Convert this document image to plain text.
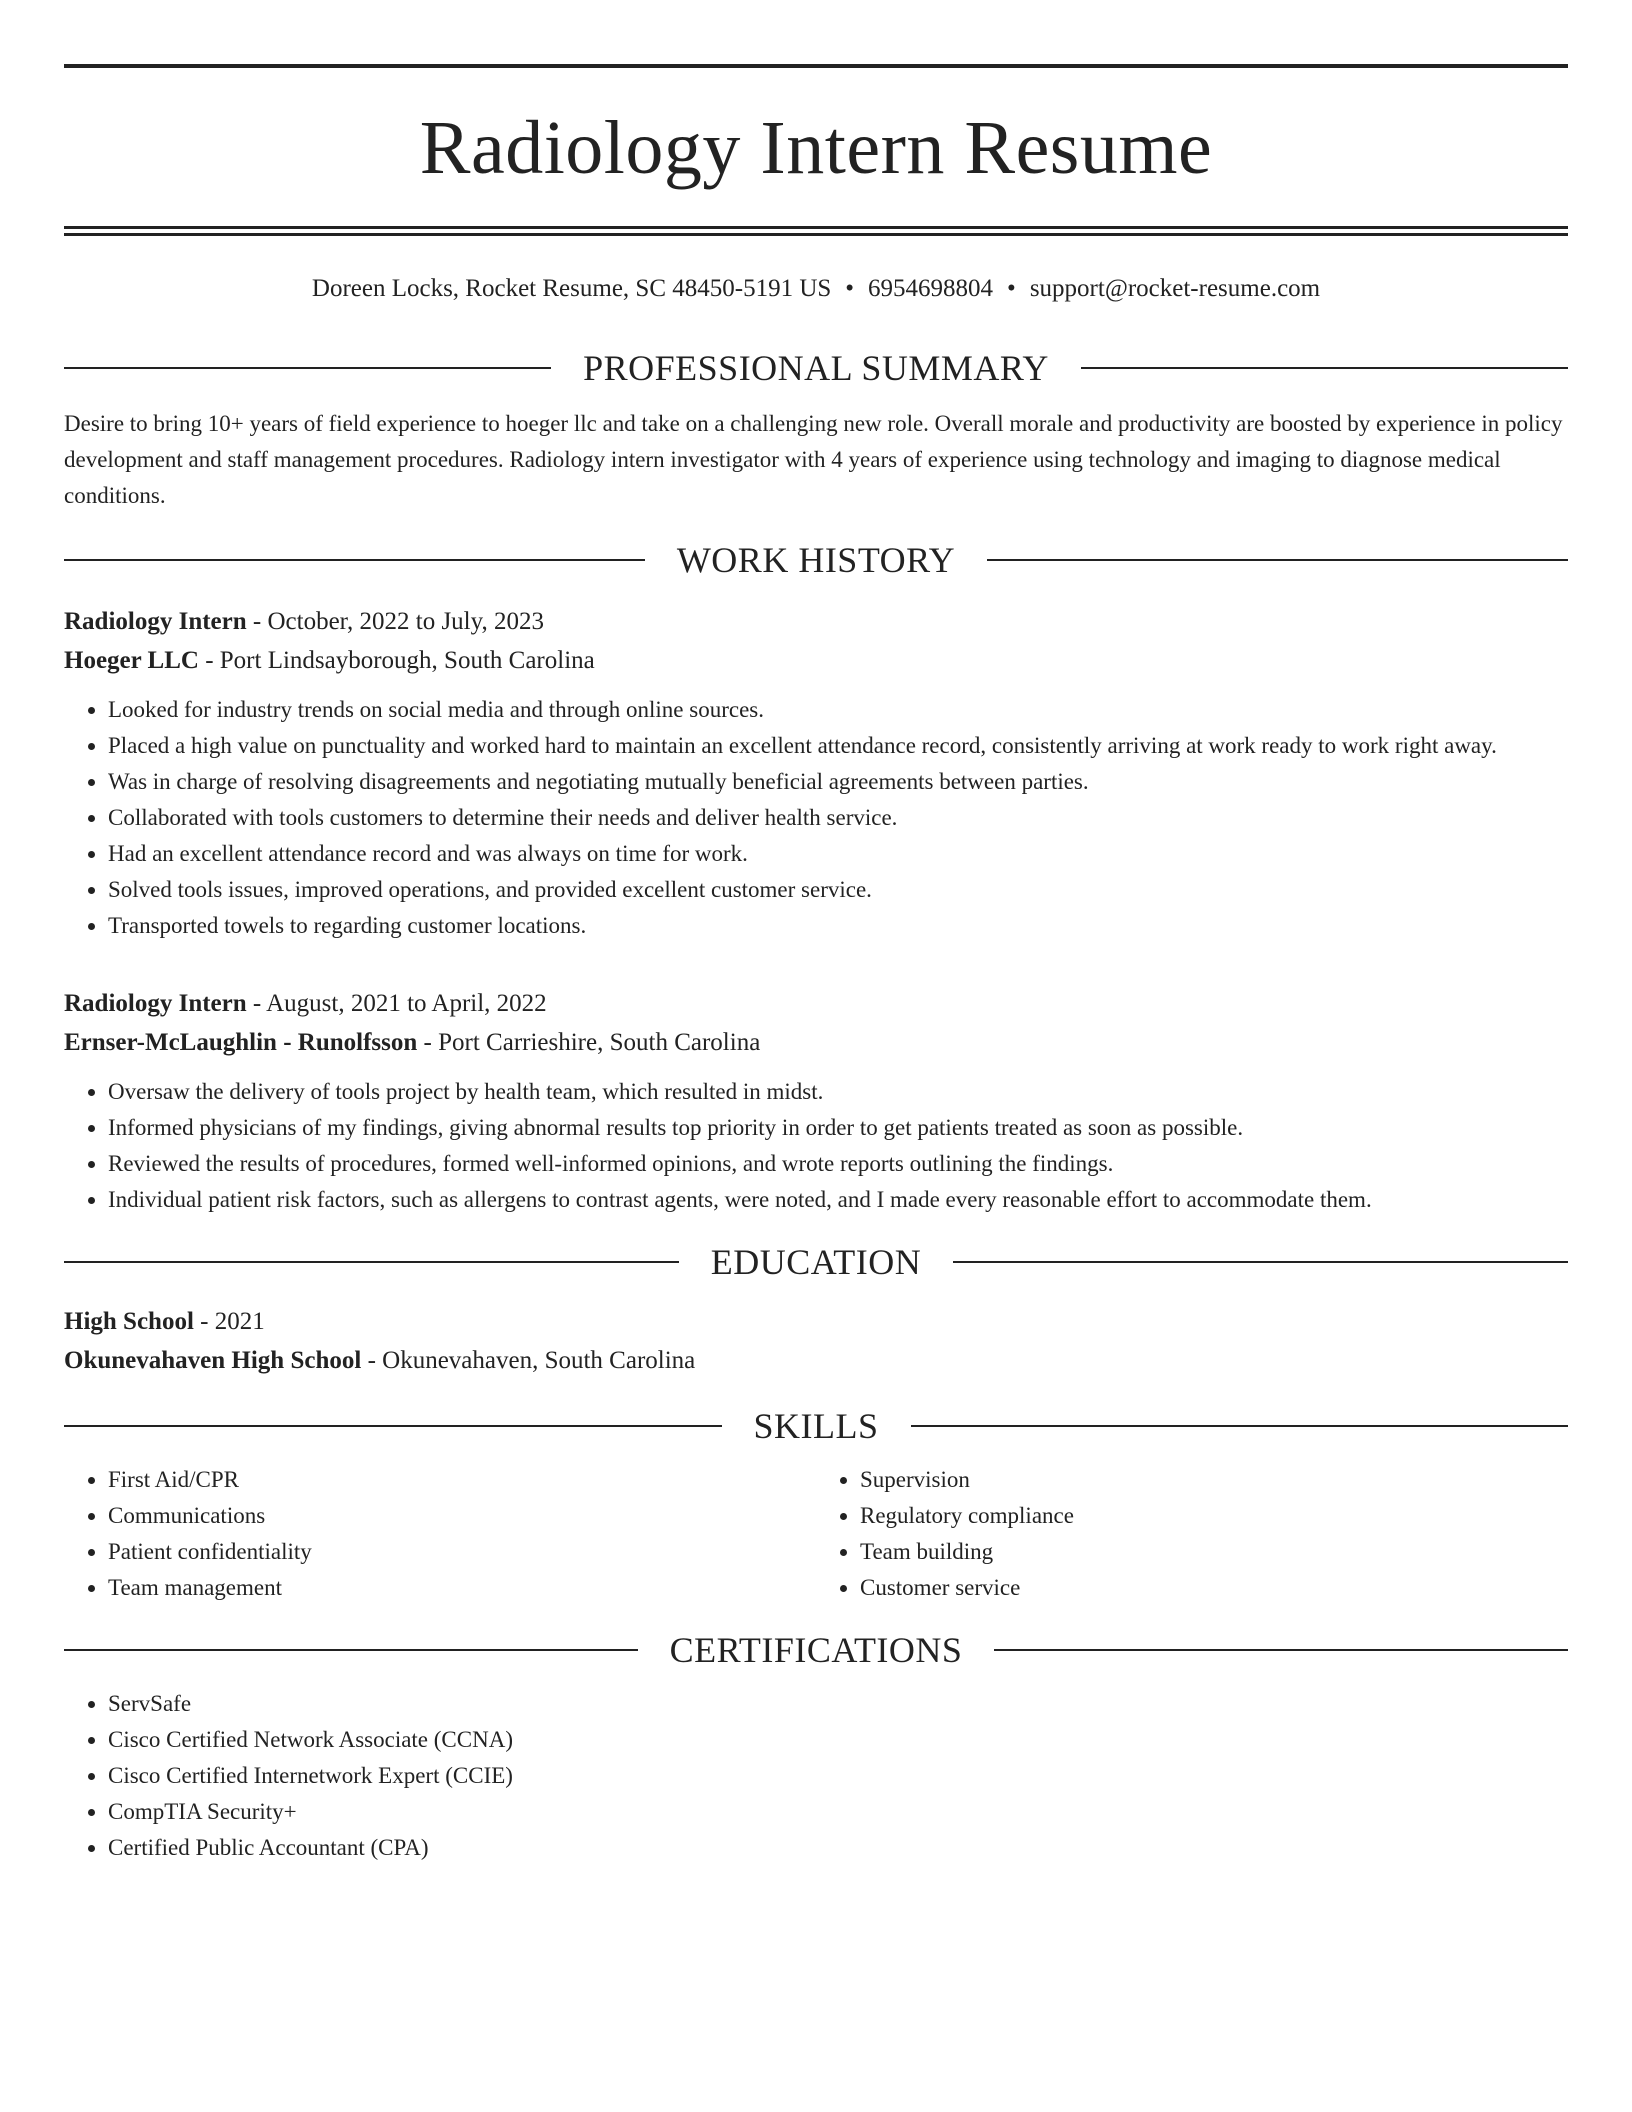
Radiology Intern Resume
Doreen Locks, Rocket Resume, SC 48450-5191 US • 6954698804 • support@rocket-resume.com
PROFESSIONAL SUMMARY
Desire to bring 10+ years of field experience to hoeger llc and take on a challenging new role. Overall morale and productivity are boosted by experience in policy development and staff management procedures. Radiology intern investigator with 4 years of experience using technology and imaging to diagnose medical conditions.
WORK HISTORY
Radiology Intern - October, 2022 to July, 2023
Hoeger LLC - Port Lindsayborough, South Carolina
• Looked for industry trends on social media and through online sources.
• Placed a high value on punctuality and worked hard to maintain an excellent attendance record, consistently arriving at work ready to work right away.
• Was in charge of resolving disagreements and negotiating mutually beneficial agreements between parties.
• Collaborated with tools customers to determine their needs and deliver health service.
• Had an excellent attendance record and was always on time for work.
• Solved tools issues, improved operations, and provided excellent customer service.
• Transported towels to regarding customer locations.
Radiology Intern - August, 2021 to April, 2022
Ernser-McLaughlin - Runolfsson - Port Carrieshire, South Carolina
• Oversaw the delivery of tools project by health team, which resulted in midst.
• Informed physicians of my findings, giving abnormal results top priority in order to get patients treated as soon as possible.
• Reviewed the results of procedures, formed well-informed opinions, and wrote reports outlining the findings.
• Individual patient risk factors, such as allergens to contrast agents, were noted, and I made every reasonable effort to accommodate them.
EDUCATION
High School - 2021
Okunevahaven High School - Okunevahaven, South Carolina
SKILLS
• First Aid/CPR
• Communications
• Patient confidentiality
• Team management
• Supervision
• Regulatory compliance
• Team building
• Customer service
CERTIFICATIONS
• ServSafe
• Cisco Certified Network Associate (CCNA)
• Cisco Certified Internetwork Expert (CCIE)
• CompTIA Security+
• Certified Public Accountant (CPA)
